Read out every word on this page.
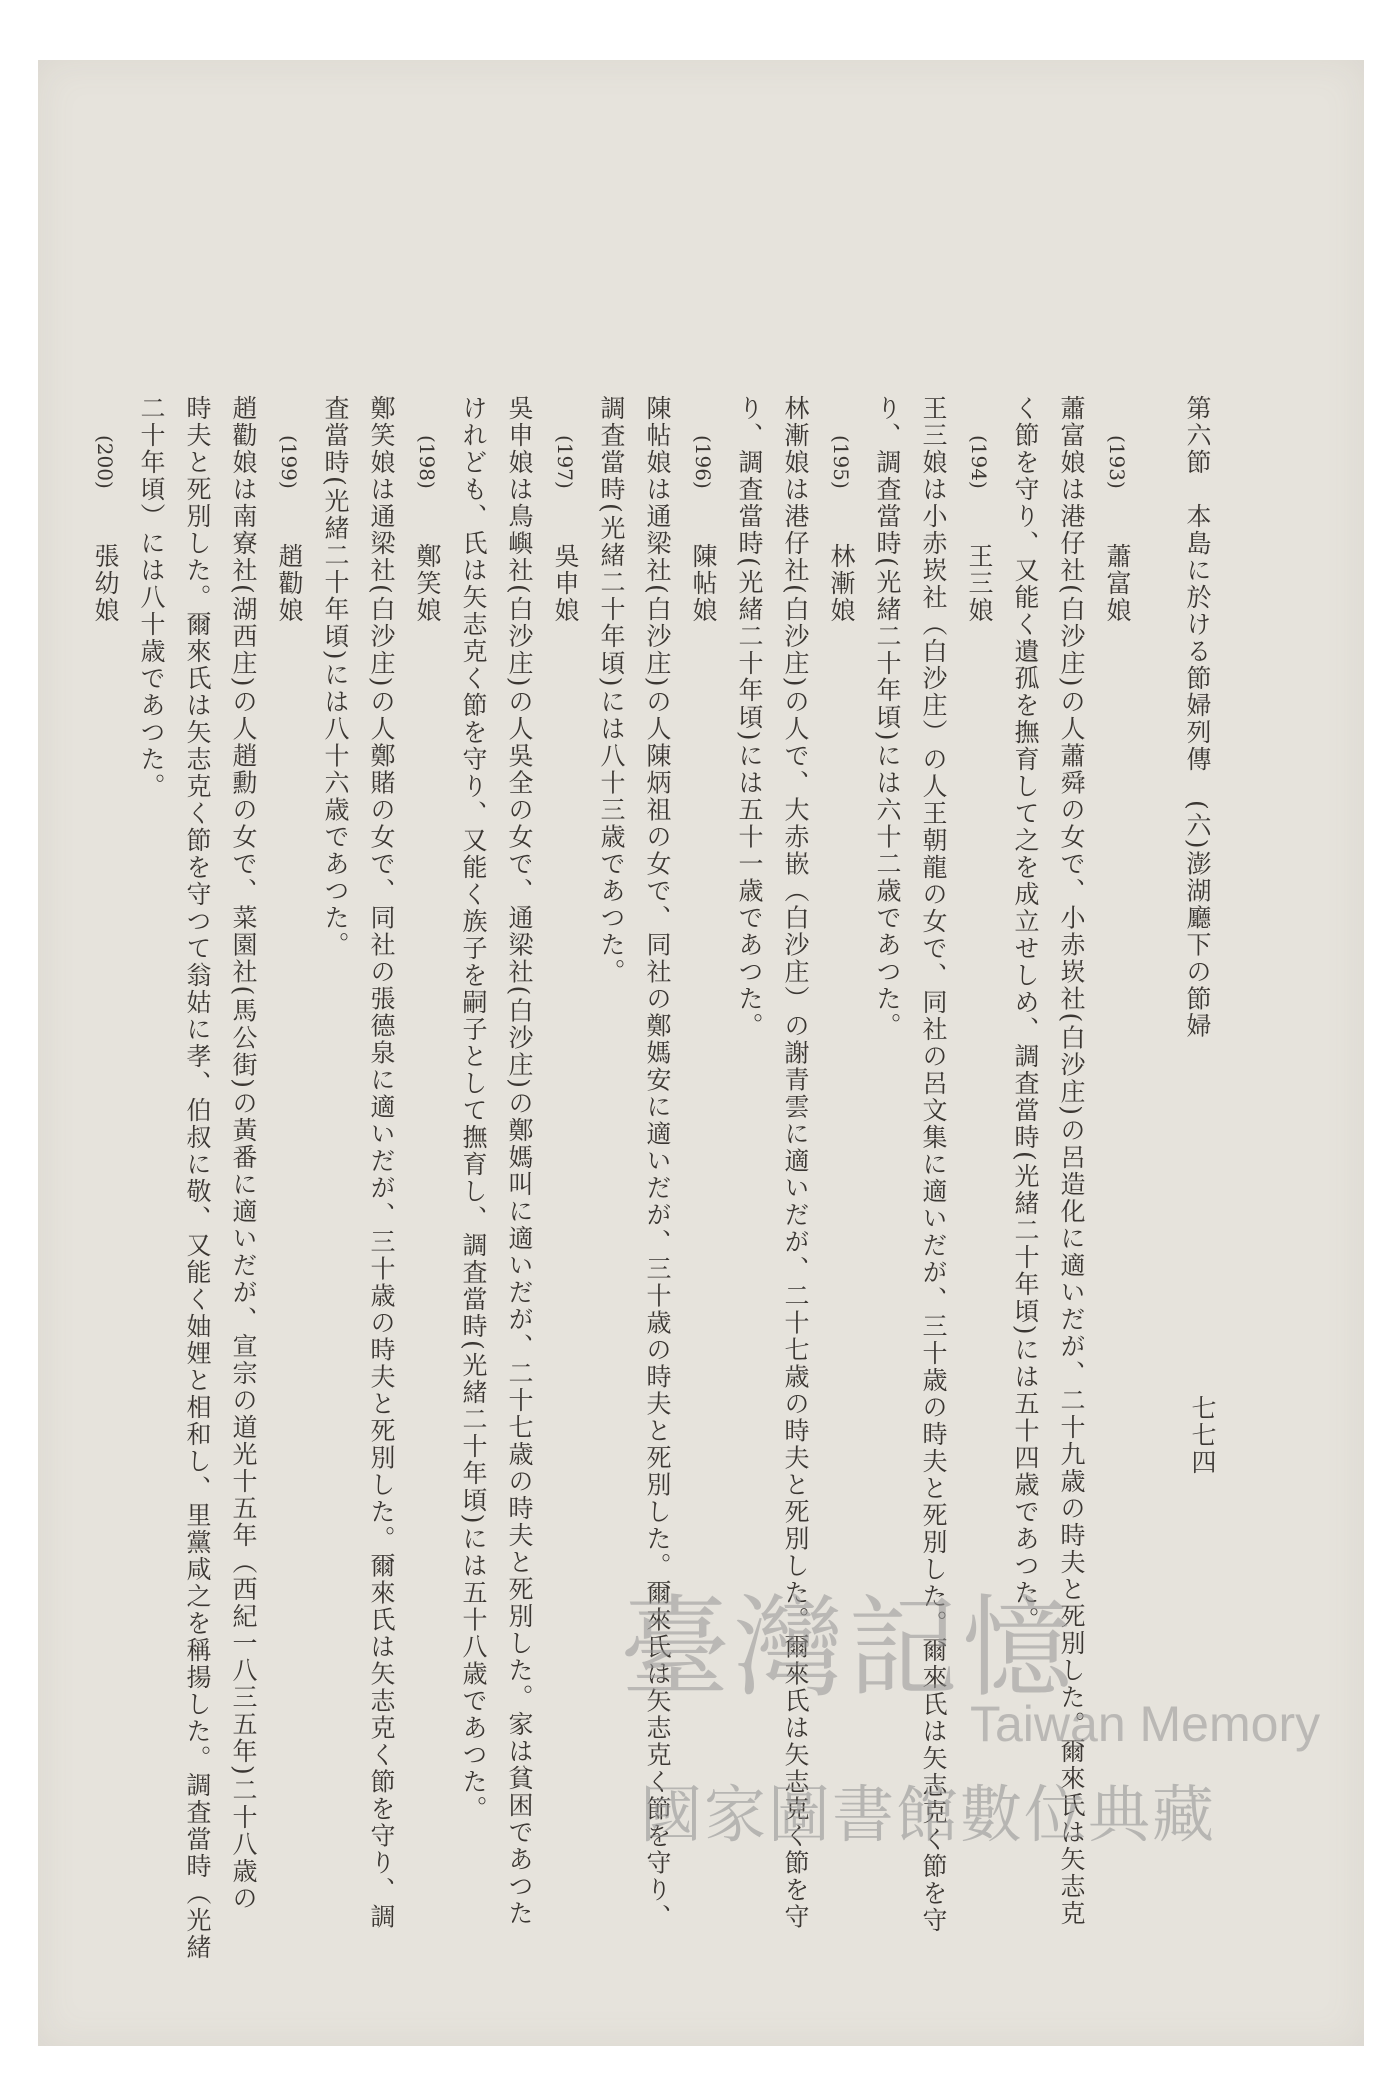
第六節　本島に於ける節婦列傳　(六)澎湖廳下の節婦
(193)　　蕭富娘
蕭富娘は港仔社(白沙庄)の人蕭舜の女で、小赤崁社(白沙庄)の呂造化に適いだが、二十九歳の時夫と死別した。爾來氏は矢志克
く節を守り、又能く遺孤を撫育して之を成立せしめ、調査當時(光緒二十年頃)には五十四歳であつた。
(194)　　王三娘
王三娘は小赤崁社（白沙庄）の人王朝龍の女で、同社の呂文集に適いだが、三十歳の時夫と死別した。爾來氏は矢志克く節を守
り、調査當時(光緒二十年頃)には六十二歳であつた。
(195)　　林漸娘
林漸娘は港仔社(白沙庄)の人で、大赤嵌（白沙庄）の謝青雲に適いだが、二十七歳の時夫と死別した。爾來氏は矢志克く節を守
り、調査當時(光緒二十年頃)には五十一歳であつた。
(196)　　陳帖娘
陳帖娘は通梁社(白沙庄)の人陳炳祖の女で、同社の鄭媽安に適いだが、三十歳の時夫と死別した。爾來氏は矢志克く節を守り、
調査當時(光緒二十年頃)には八十三歳であつた。
(197)　　吳申娘
吳申娘は鳥嶼社(白沙庄)の人吳全の女で、通梁社(白沙庄)の鄭媽叫に適いだが、二十七歳の時夫と死別した。家は貧困であつた
けれども、氏は矢志克く節を守り、又能く族子を嗣子として撫育し、調査當時(光緒二十年頃)には五十八歳であつた。
(198)　　鄭笑娘
鄭笑娘は通梁社(白沙庄)の人鄭賭の女で、同社の張德泉に適いだが、三十歳の時夫と死別した。爾來氏は矢志克く節を守り、調
査當時(光緒二十年頃)には八十六歳であつた。
(199)　　趙勸娘
趙勸娘は南寮社(湖西庄)の人趙勳の女で、菜園社(馬公街)の黃番に適いだが、宣宗の道光十五年（西紀一八三五年)二十八歳の
時夫と死別した。爾來氏は矢志克く節を守つて翁姑に孝、伯叔に敬、又能く妯娌と相和し、里黨咸之を稱揚した。調査當時（光緒
二十年頃）には八十歳であつた。
(200)　　張幼娘
七七四
臺灣記憶
Taiwan Memory
國家圖書館數位典藏
